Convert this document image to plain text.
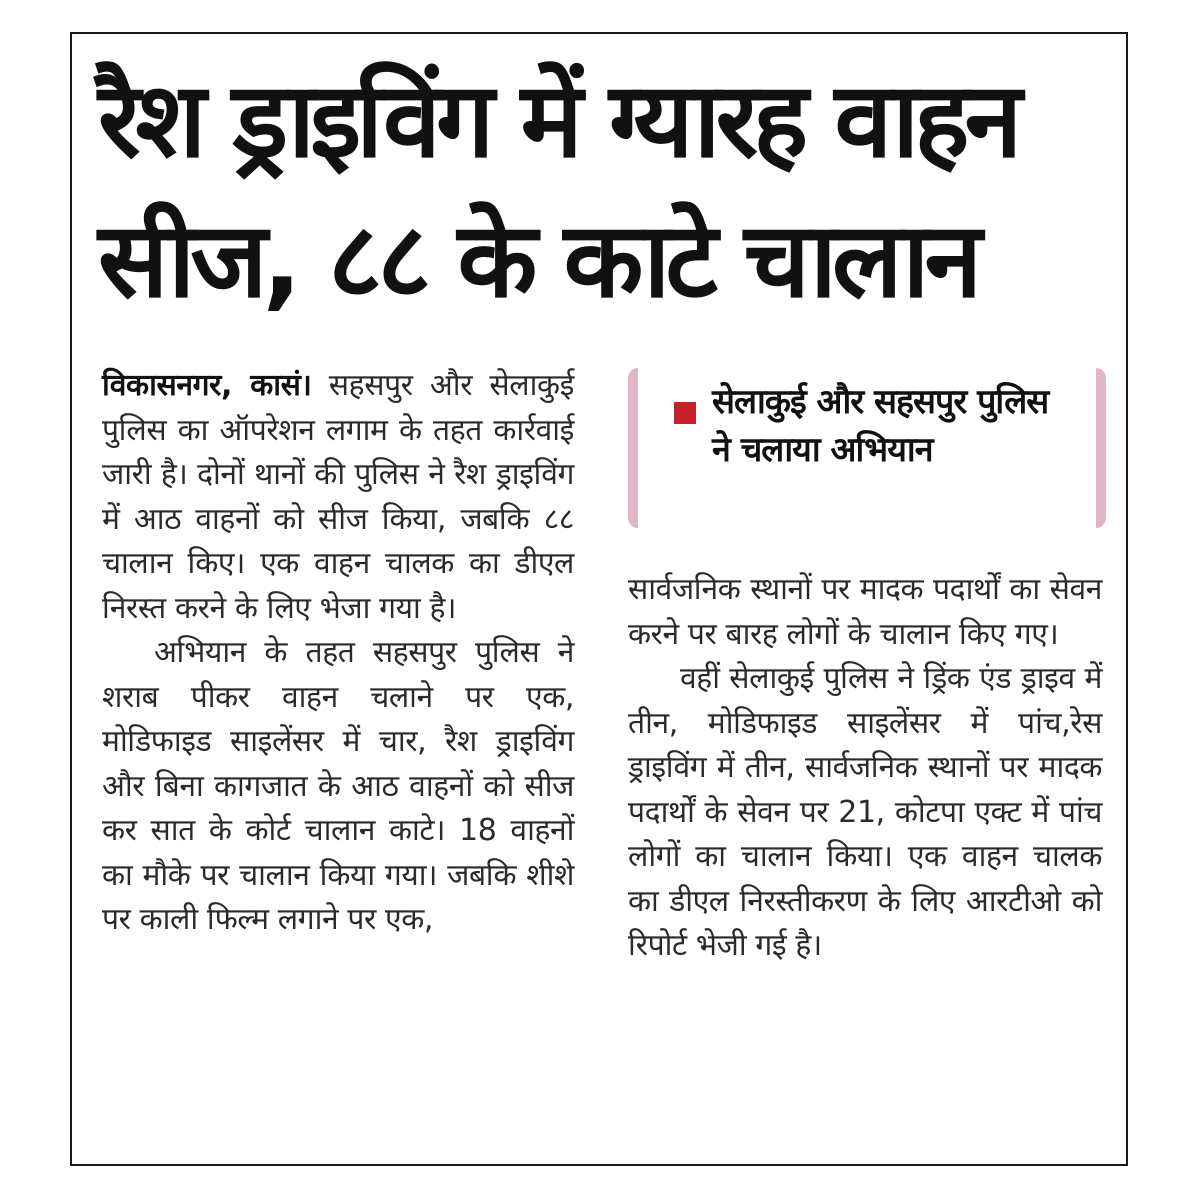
रैश ड्राइविंग में ग्यारह वाहन
सीज, ८८ के काटे चालान

विकासनगर, कासं। सहसपुर और सेलाकुई पुलिस का ऑपरेशन लगाम के तहत कार्रवाई जारी है। दोनों थानों की पुलिस ने रैश ड्राइविंग में आठ वाहनों को सीज किया, जबकि ८८ चालान किए। एक वाहन चालक का डीएल निरस्त करने के लिए भेजा गया है।

अभियान के तहत सहसपुर पुलिस ने शराब पीकर वाहन चलाने पर एक, मोडिफाइड साइलेंसर में चार, रैश ड्राइविंग और बिना कागजात के आठ वाहनों को सीज कर सात के कोर्ट चालान काटे। 18 वाहनों का मौके पर चालान किया गया। जबकि शीशे पर काली फिल्म लगाने पर एक,

सेलाकुई और सहसपुर पुलिस ने चलाया अभियान

सार्वजनिक स्थानों पर मादक पदार्थों का सेवन करने पर बारह लोगों के चालान किए गए।

वहीं सेलाकुई पुलिस ने ड्रिंक एंड ड्राइव में तीन, मोडिफाइड साइलेंसर में पांच,रेस ड्राइविंग में तीन, सार्वजनिक स्थानों पर मादक पदार्थों के सेवन पर 21, कोटपा एक्ट में पांच लोगों का चालान किया। एक वाहन चालक का डीएल निरस्तीकरण के लिए आरटीओ को रिपोर्ट भेजी गई है।
